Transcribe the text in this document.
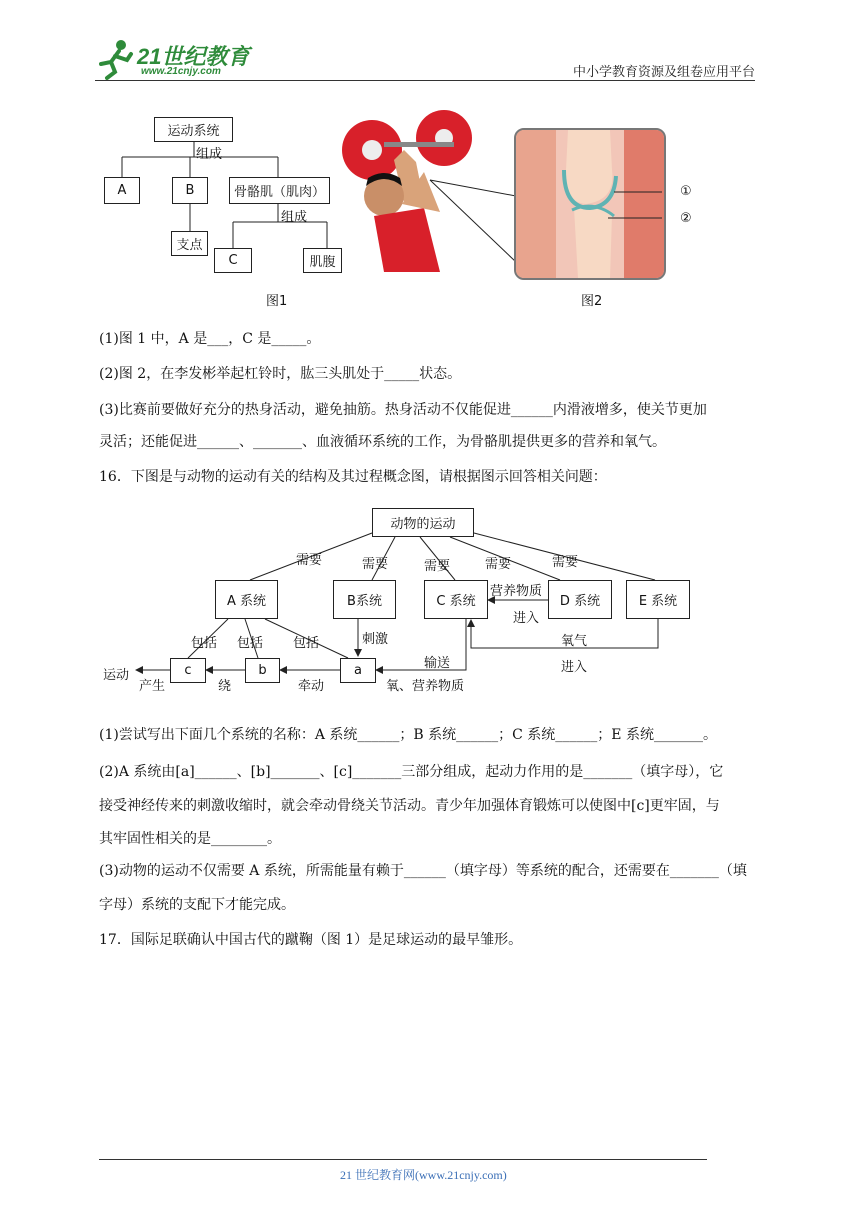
21世纪教育
www.21cnjy.com	中小学教育资源及组卷应用平台
运动系统
组成
A	B	骨骼肌（肌肉）
组成
支点
C	肌腹
图1
①
②
图2
(1)图 1 中，A 是___，C 是_____。
(2)图 2，在李发彬举起杠铃时，肱三头肌处于_____状态。
(3)比赛前要做好充分的热身活动，避免抽筋。热身活动不仅能促进______内滑液增多，使关节更加
灵活；还能促进______、_______、血液循环系统的工作，为骨骼肌提供更多的营养和氧气。
16．下图是与动物的运动有关的结构及其过程概念图，请根据图示回答相关问题：
动物的运动
需要	需要	需要	需要	需要
A 系统	B系统	C 系统	D 系统	E 系统
营养物质
进入
氧气
进入
包括 包括 包括	刺激
输送
氧、营养物质
a
b
c
运动
产生	绕	牵动
(1)尝试写出下面几个系统的名称：A 系统______；B 系统______；C 系统______；E 系统_______。
(2)A 系统由[a]______、[b]_______、[c]_______三部分组成，起动力作用的是_______（填字母），它
接受神经传来的刺激收缩时，就会牵动骨绕关节活动。青少年加强体育锻炼可以使图中[c]更牢固，与
其牢固性相关的是________。
(3)动物的运动不仅需要 A 系统，所需能量有赖于______（填字母）等系统的配合，还需要在_______（填
字母）系统的支配下才能完成。
17．国际足联确认中国古代的蹴鞠（图 1）是足球运动的最早雏形。
21 世纪教育网(www.21cnjy.com)
